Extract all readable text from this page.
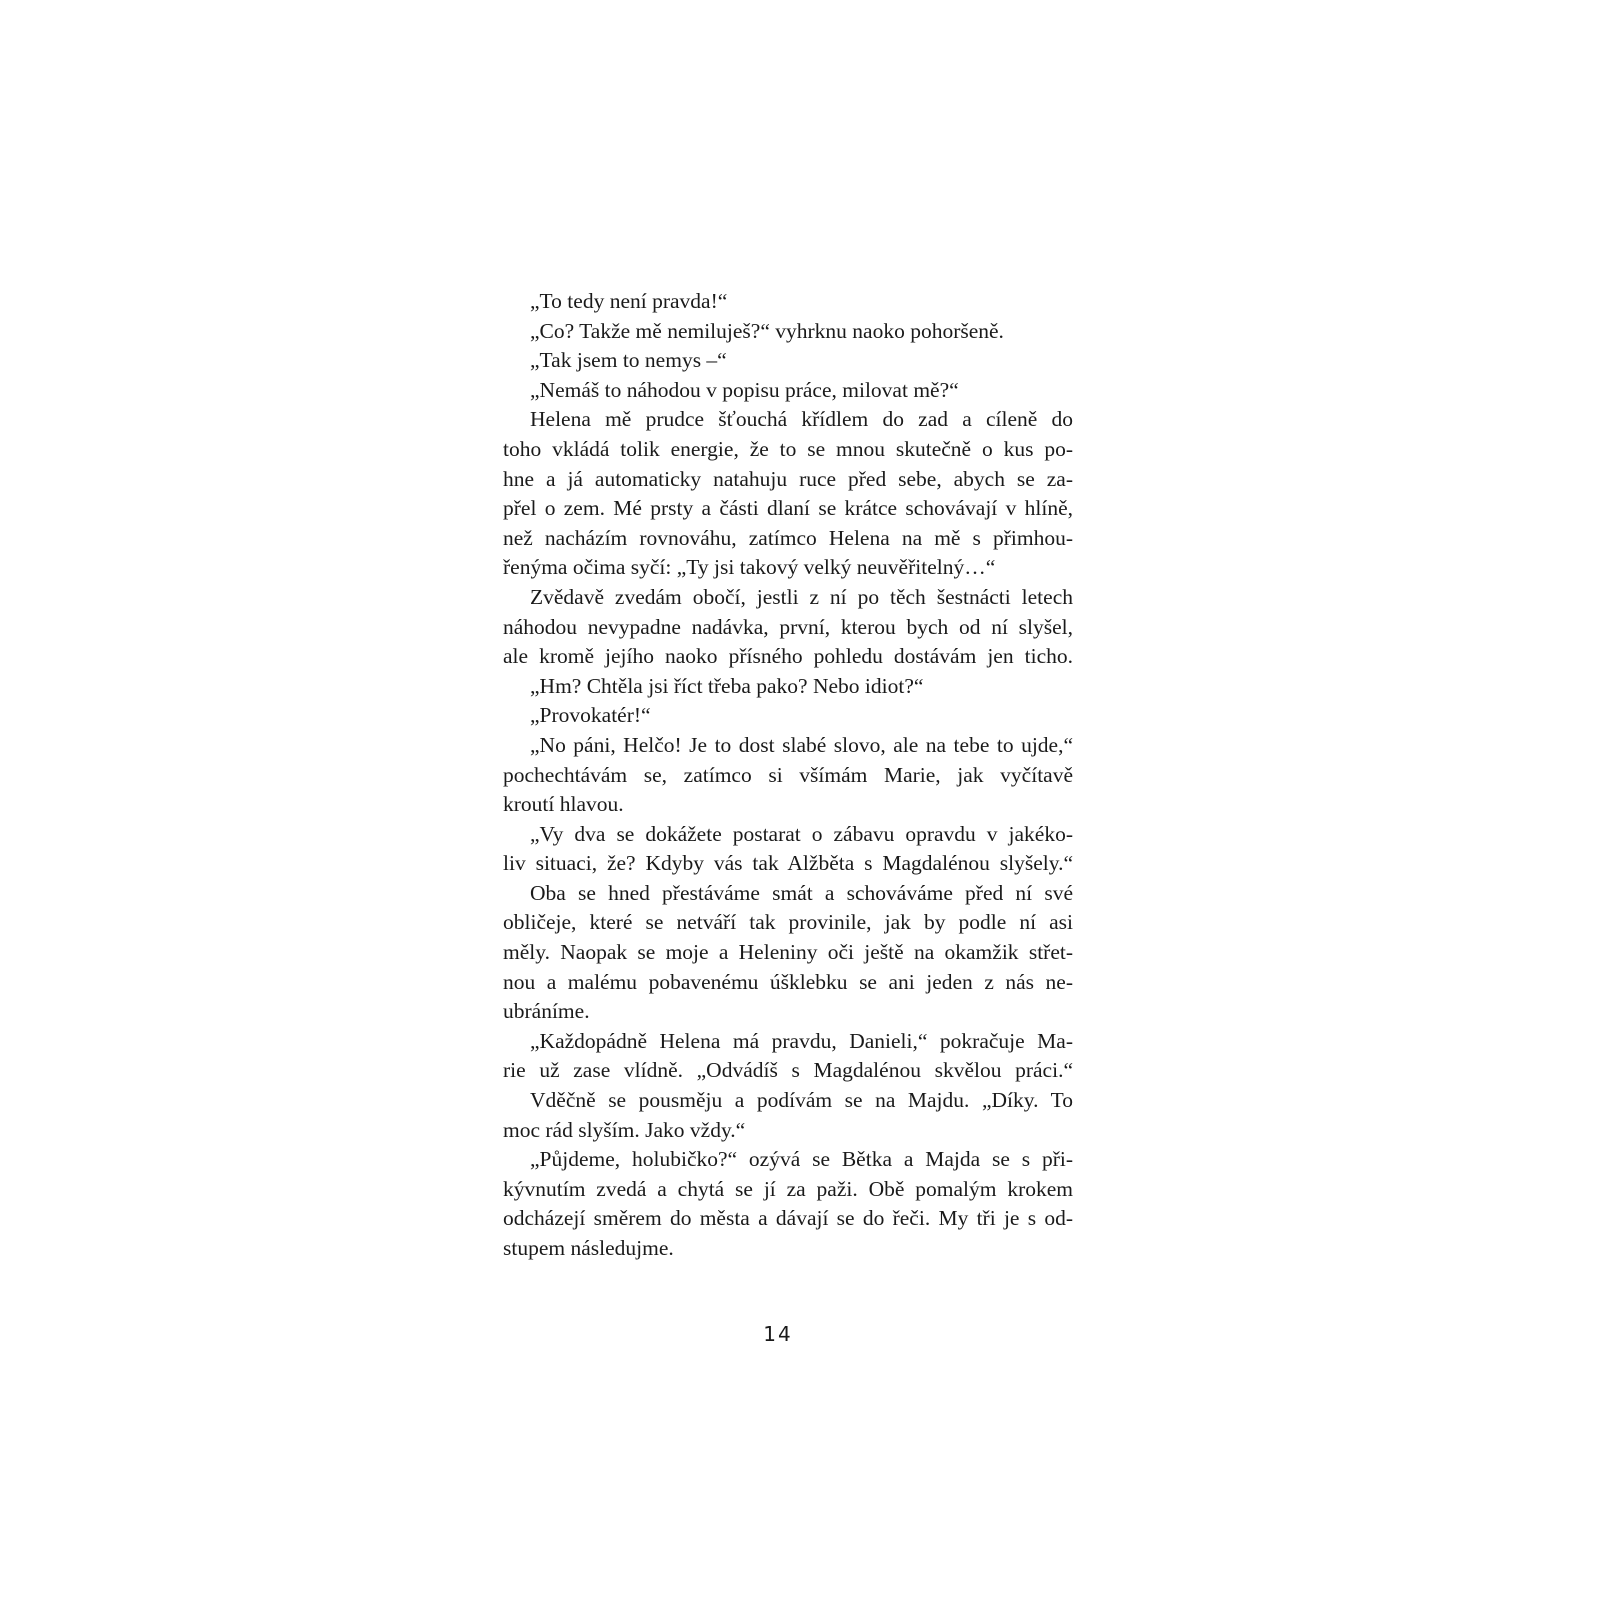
„To tedy není pravda!“
„Co? Takže mě nemiluješ?“ vyhrknu naoko pohoršeně.
„Tak jsem to nemys –“
„Nemáš to náhodou v popisu práce, milovat mě?“
Helena mě prudce šťouchá křídlem do zad a cíleně do
toho vkládá tolik energie, že to se mnou skutečně o kus po-
hne a já automaticky natahuju ruce před sebe, abych se za-
přel o zem. Mé prsty a části dlaní se krátce schovávají v hlíně,
než nacházím rovnováhu, zatímco Helena na mě s přimhou-
řenýma očima syčí: „Ty jsi takový velký neuvěřitelný…“
Zvědavě zvedám obočí, jestli z ní po těch šestnácti letech
náhodou nevypadne nadávka, první, kterou bych od ní slyšel,
ale kromě jejího naoko přísného pohledu dostávám jen ticho.
„Hm? Chtěla jsi říct třeba pako? Nebo idiot?“
„Provokatér!“
„No páni, Helčo! Je to dost slabé slovo, ale na tebe to ujde,“
pochechtávám se, zatímco si všímám Marie, jak vyčítavě
kroutí hlavou.
„Vy dva se dokážete postarat o zábavu opravdu v jakéko-
liv situaci, že? Kdyby vás tak Alžběta s Magdalénou slyšely.“
Oba se hned přestáváme smát a schováváme před ní své
obličeje, které se netváří tak provinile, jak by podle ní asi
měly. Naopak se moje a Heleniny oči ještě na okamžik střet-
nou a malému pobavenému úšklebku se ani jeden z nás ne-
ubráníme.
„Každopádně Helena má pravdu, Danieli,“ pokračuje Ma-
rie už zase vlídně. „Odvádíš s Magdalénou skvělou práci.“
Vděčně se pousměju a podívám se na Majdu. „Díky. To
moc rád slyším. Jako vždy.“
„Půjdeme, holubičko?“ ozývá se Bětka a Majda se s při-
kývnutím zvedá a chytá se jí za paži. Obě pomalým krokem
odcházejí směrem do města a dávají se do řeči. My tři je s od-
stupem následujme.
14
